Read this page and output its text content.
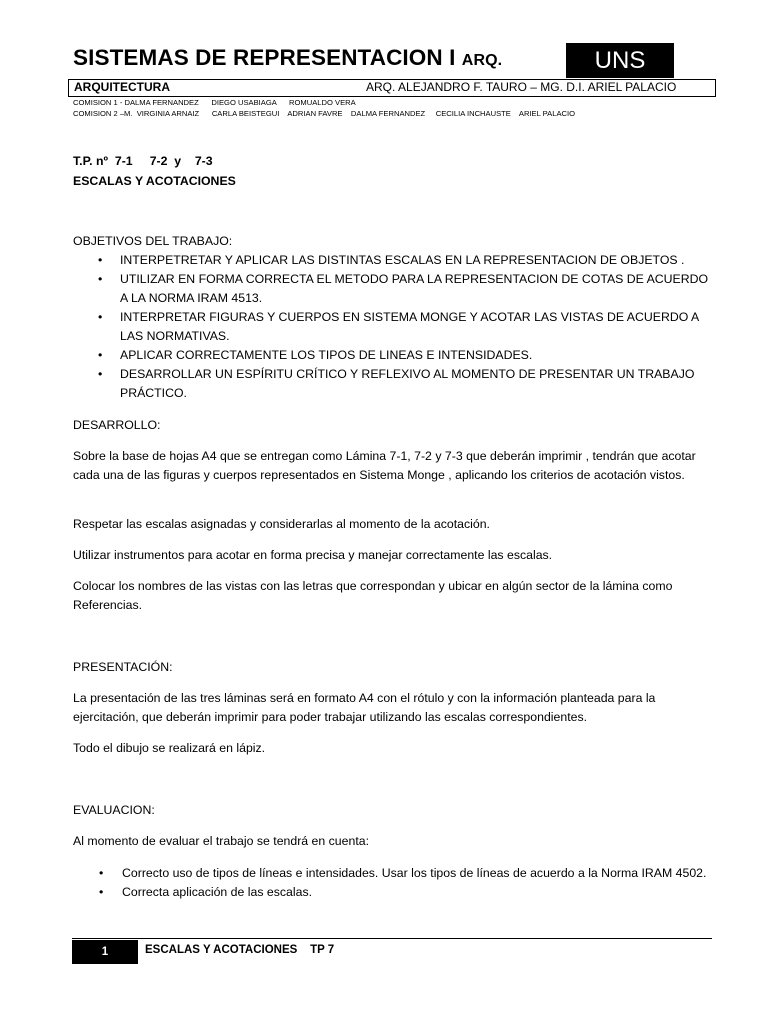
SISTEMAS DE REPRESENTACION I ARQ.	UNS
ARQUITECTURA	ARQ. ALEJANDRO F. TAURO – MG. D.I. ARIEL PALACIO
COMISION 1 - DALMA FERNANDEZ      DIEGO USABIAGA      ROMUALDO VERA
COMISION 2 –M.  VIRGINIA ARNAIZ      CARLA BEISTEGUI    ADRIAN FAVRE    DALMA FERNANDEZ     CECILIA INCHAUSTE    ARIEL PALACIO
T.P. nº  7-1     7-2  y    7-3
ESCALAS Y ACOTACIONES
OBJETIVOS DEL TRABAJO:
• INTERPETRETAR Y APLICAR LAS DISTINTAS ESCALAS EN LA REPRESENTACION DE OBJETOS .
• UTILIZAR EN FORMA CORRECTA EL METODO PARA LA REPRESENTACION DE COTAS DE ACUERDO A LA NORMA IRAM 4513.
• INTERPRETAR FIGURAS Y CUERPOS EN SISTEMA MONGE Y ACOTAR LAS VISTAS DE ACUERDO A LAS NORMATIVAS.
• APLICAR CORRECTAMENTE LOS TIPOS DE LINEAS E INTENSIDADES.
• DESARROLLAR UN ESPÍRITU CRÍTICO Y REFLEXIVO AL MOMENTO DE PRESENTAR UN TRABAJO PRÁCTICO.
DESARROLLO:
Sobre la base de hojas A4 que se entregan como Lámina 7-1, 7-2 y 7-3 que deberán imprimir , tendrán que acotar cada una de las figuras y cuerpos representados en Sistema Monge , aplicando los criterios de acotación vistos.
Respetar las escalas asignadas y considerarlas al momento de la acotación.
Utilizar instrumentos para acotar en forma precisa y manejar correctamente las escalas.
Colocar los nombres de las vistas con las letras que correspondan y ubicar en algún sector de la lámina como Referencias.
PRESENTACIÓN:
La presentación de las tres láminas será en formato A4 con el rótulo y con la información planteada para la ejercitación, que deberán imprimir para poder trabajar utilizando las escalas correspondientes.
Todo el dibujo se realizará en lápiz.
EVALUACION:
Al momento de evaluar el trabajo se tendrá en cuenta:
• Correcto uso de tipos de líneas e intensidades. Usar los tipos de líneas de acuerdo a la Norma IRAM 4502.
• Correcta aplicación de las escalas.
1	ESCALAS Y ACOTACIONES    TP 7
